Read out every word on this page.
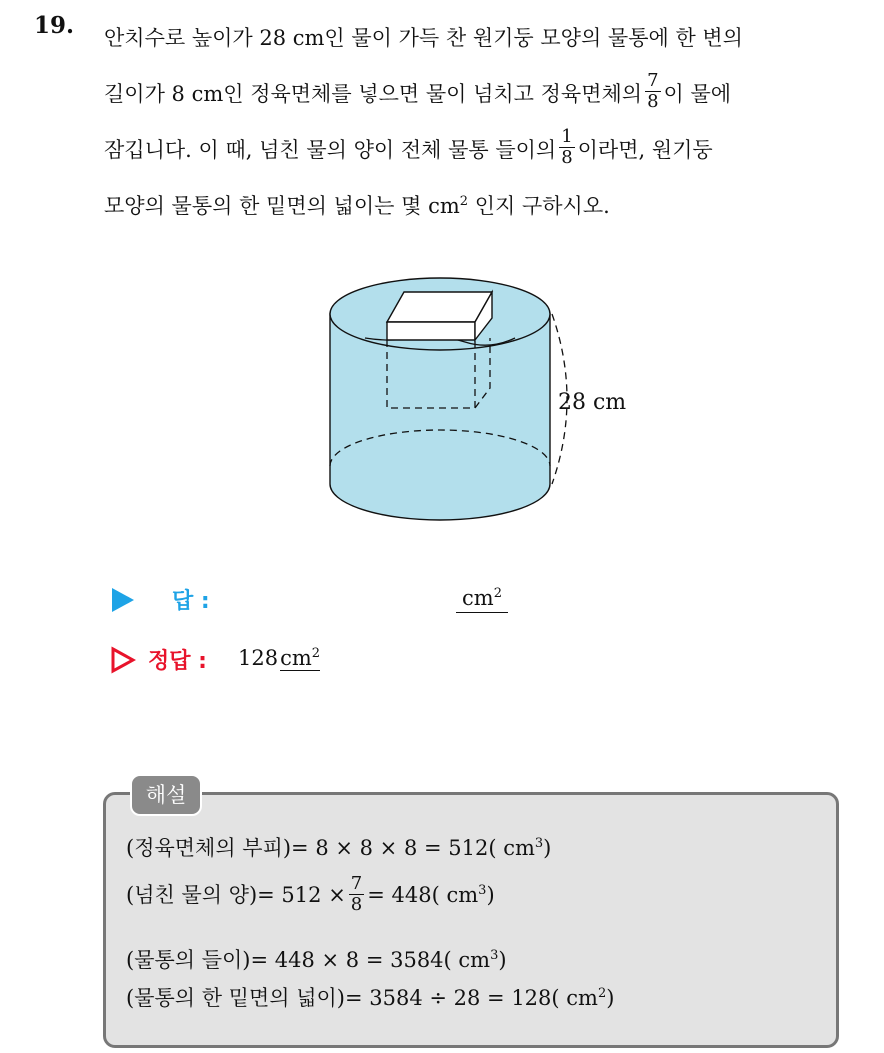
19. 안치수로 높이가 28 cm인 물이 가득 찬 원기둥 모양의 물통에 한 변의
길이가 8 cm인 정육면체를 넣으면 물이 넘치고 정육면체의 $\frac{7}{8}$ 이 물에
잠깁니다. 이 때, 넘친 물의 양이 전체 물통 들이의 $\frac{1}{8}$ 이라면, 원기둥
모양의 물통의 한 밑면의 넓이는 몇 $cm^2$ 인지 구하시오.
28 cm
답 :	$cm^2$
정답 : $128cm^2$
해설
(정육면체의 부피)= 8 × 8 × 8 = 512( $cm^3$)
(넘친 물의 양)= $512 \times \frac{7}{8} = 448$( $cm^3$)
(물통의 들이)= 448 × 8 = 3584( $cm^3$)
(물통의 한 밑면의 넓이)= 3584 ÷ 28 = 128( $cm^2$)
